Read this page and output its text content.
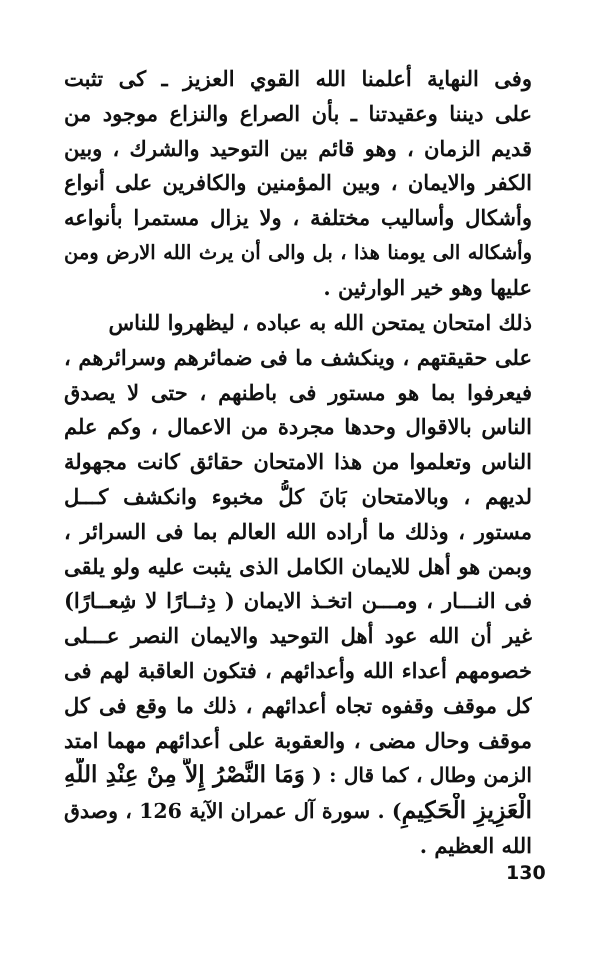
وفى النهاية أعلمنا الله القوي العزيز ـ كى تثبت
على ديننا وعقيدتنا ـ بأن الصراع والنزاع موجود من
قديم الزمان ، وهو قائم بين التوحيد والشرك ، وبين
الكفر والايمان ، وبين المؤمنين والكافرين على أنواع
وأشكال وأساليب مختلفة ، ولا يزال مستمرا بأنواعه
وأشكاله الى يومنا هذا ، بل والى أن يرث الله الارض ومن
عليها وهو خير الوارثين .
ذلك امتحان يمتحن الله به عباده ، ليظهروا للناس
على حقيقتهم ، وينكشف ما فى ضمائرهم وسرائرهم ،
فيعرفوا بما هو مستور فى باطنهم ، حتى لا يصدق
الناس بالاقوال وحدها مجردة من الاعمال ، وكم علم
الناس وتعلموا من هذا الامتحان حقائق كانت مجهولة
لديهم ، وبالامتحان بَانَ كلُّ مخبوء وانكشف كـــل
مستور ، وذلك ما أراده الله العالم بما فى السرائر ،
وبمن هو أهل للايمان الكامل الذى يثبت عليه ولو يلقى
فى النـــار ، ومـــن اتخـذ الايمان ( دِثــارًا لا شِعــارًا)
غير أن الله عود أهل التوحيد والايمان النصر عـــلى
خصومهم أعداء الله وأعدائهم ، فتكون العاقبة لهم فى
كل موقف وقفوه تجاه أعدائهم ، ذلك ما وقع فى كل
موقف وحال مضى ، والعقوبة على أعدائهم مهما امتد
الزمن وطال ، كما قال : ( وَمَا النَّصْرُ إِلاَّ مِنْ عِنْدِ اللَّهِ
الْعَزِيزِ الْحَكِيمِ) . سورة آل عمران الآية 126 ، وصدق
الله العظيم .
130
